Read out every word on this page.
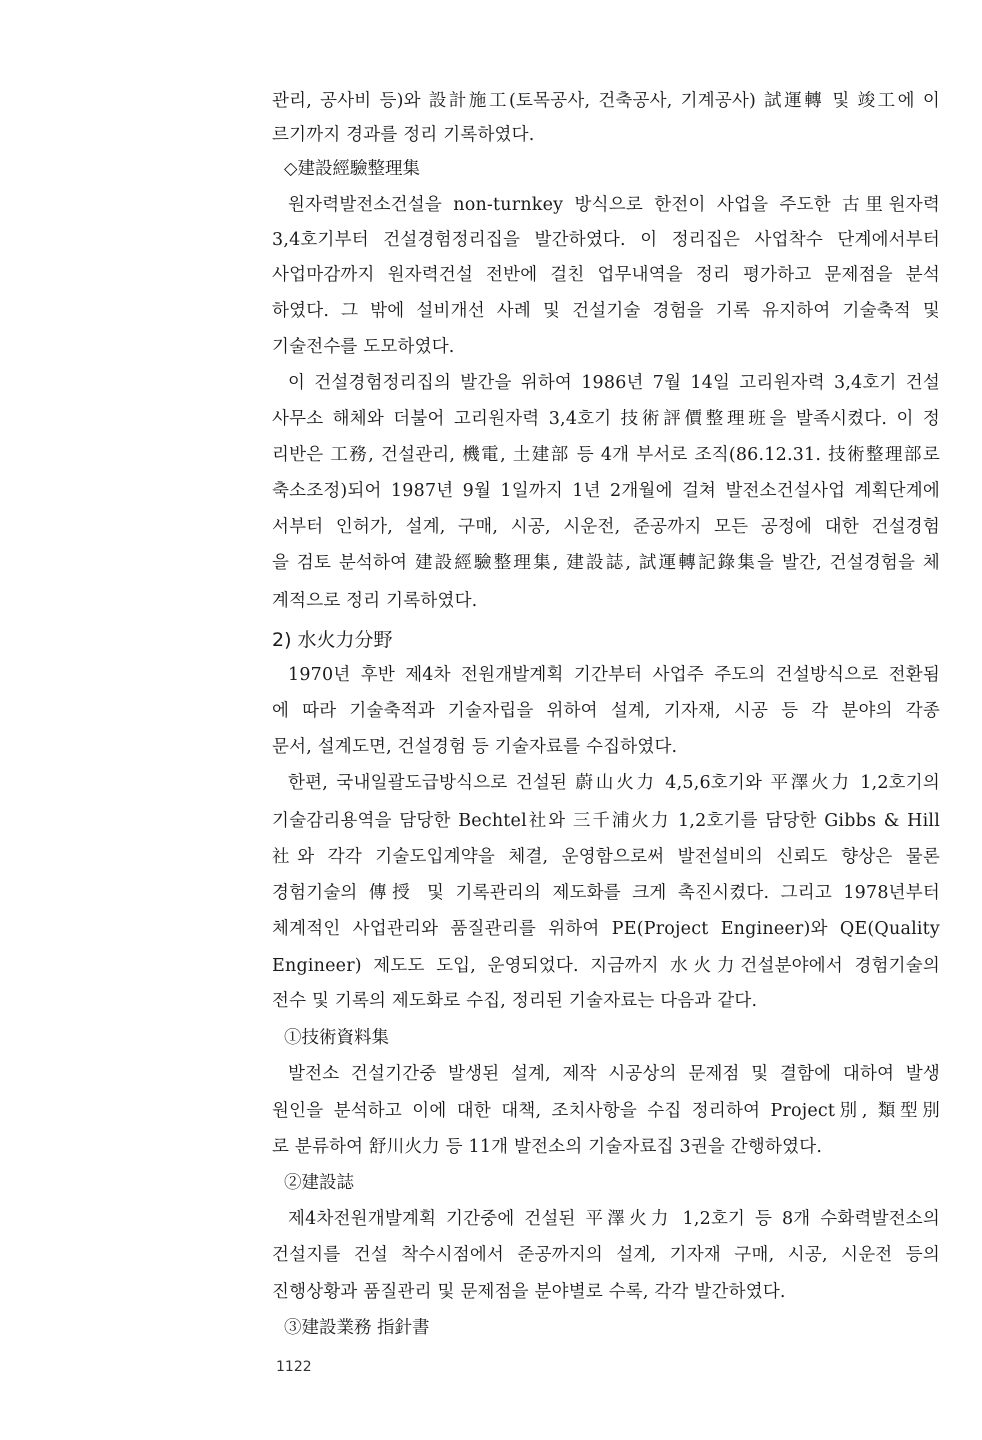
관리, 공사비 등)와 設計施工(토목공사, 건축공사, 기계공사) 試運轉 및 竣工에 이
르기까지 경과를 정리 기록하였다.
◇建設經驗整理集
원자력발전소건설을 non-turnkey 방식으로 한전이 사업을 주도한 古里원자력
3,4호기부터 건설경험정리집을 발간하였다. 이 정리집은 사업착수 단계에서부터
사업마감까지 원자력건설 전반에 걸친 업무내역을 정리 평가하고 문제점을 분석
하였다. 그 밖에 설비개선 사례 및 건설기술 경험을 기록 유지하여 기술축적 및
기술전수를 도모하였다.
이 건설경험정리집의 발간을 위하여 1986년 7월 14일 고리원자력 3,4호기 건설
사무소 해체와 더불어 고리원자력 3,4호기 技術評價整理班을 발족시켰다. 이 정
리반은 工務, 건설관리, 機電, 土建部 등 4개 부서로 조직(86.12.31. 技術整理部로
축소조정)되어 1987년 9월 1일까지 1년 2개월에 걸쳐 발전소건설사업 계획단계에
서부터 인허가, 설계, 구매, 시공, 시운전, 준공까지 모든 공정에 대한 건설경험
을 검토 분석하여 建設經驗整理集, 建設誌, 試運轉記錄集을 발간, 건설경험을 체
계적으로 정리 기록하였다.
2) 水火力分野
1970년 후반 제4차 전원개발계획 기간부터 사업주 주도의 건설방식으로 전환됨
에 따라 기술축적과 기술자립을 위하여 설계, 기자재, 시공 등 각 분야의 각종
문서, 설계도면, 건설경험 등 기술자료를 수집하였다.
한편, 국내일괄도급방식으로 건설된 蔚山火力 4,5,6호기와 平澤火力 1,2호기의
기술감리용역을 담당한 Bechtel社와 三千浦火力 1,2호기를 담당한 Gibbs & Hill
社와 각각 기술도입계약을 체결, 운영함으로써 발전설비의 신뢰도 향상은 물론
경험기술의 傳授 및 기록관리의 제도화를 크게 촉진시켰다. 그리고 1978년부터
체계적인 사업관리와 품질관리를 위하여 PE(Project Engineer)와 QE(Quality
Engineer) 제도도 도입, 운영되었다. 지금까지 水火力건설분야에서 경험기술의
전수 및 기록의 제도화로 수집, 정리된 기술자료는 다음과 같다.
①技術資料集
발전소 건설기간중 발생된 설계, 제작 시공상의 문제점 및 결함에 대하여 발생
원인을 분석하고 이에 대한 대책, 조치사항을 수집 정리하여 Project別, 類型別
로 분류하여 舒川火力 등 11개 발전소의 기술자료집 3권을 간행하였다.
②建設誌
제4차전원개발계획 기간중에 건설된 平澤火力 1,2호기 등 8개 수화력발전소의
건설지를 건설 착수시점에서 준공까지의 설계, 기자재 구매, 시공, 시운전 등의
진행상황과 품질관리 및 문제점을 분야별로 수록, 각각 발간하였다.
③建設業務 指針書
1122
